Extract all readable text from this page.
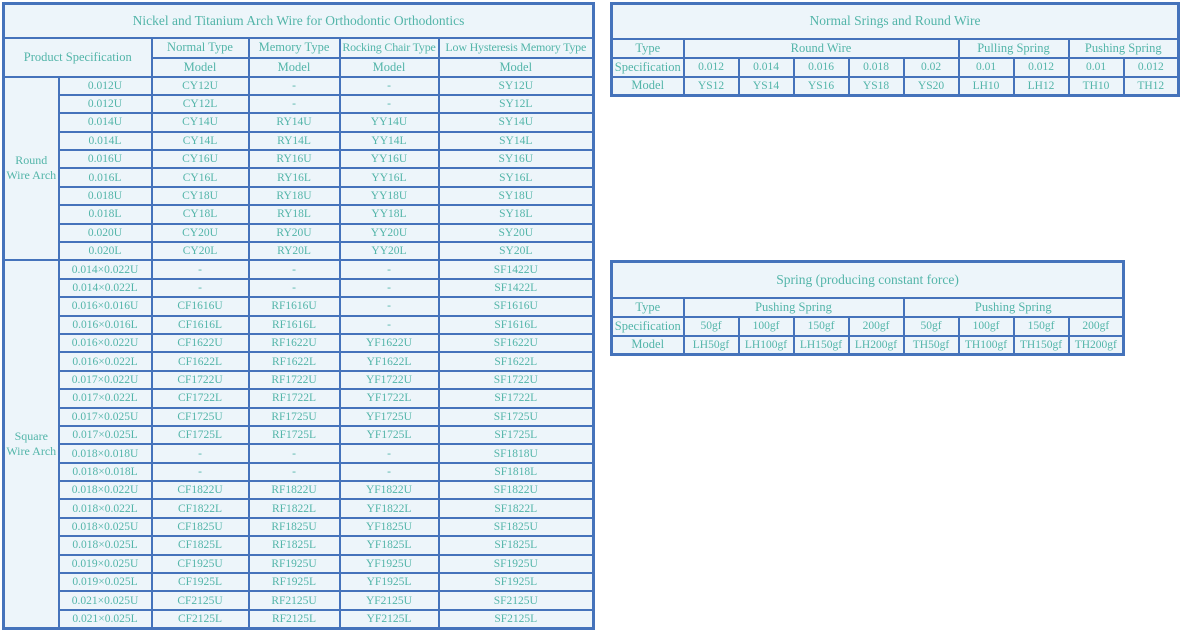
Nickel and Titanium Arch Wire for Orthodontic Orthodontics					
Product Specification		Normal Type	Memory Type	Rocking Chair Type	Low Hysteresis Memory Type
		Model	Model	Model	Model
Round Wire Arch	0.012U	CY12U	-	-	SY12U
	0.012U	CY12L	-	-	SY12L
	0.014U	CY14U	RY14U	YY14U	SY14U
	0.014L	CY14L	RY14L	YY14L	SY14L
	0.016U	CY16U	RY16U	YY16U	SY16U
	0.016L	CY16L	RY16L	YY16L	SY16L
	0.018U	CY18U	RY18U	YY18U	SY18U
	0.018L	CY18L	RY18L	YY18L	SY18L
	0.020U	CY20U	RY20U	YY20U	SY20U
	0.020L	CY20L	RY20L	YY20L	SY20L
Square Wire Arch	0.014×0.022U	-	-	-	SF1422U
	0.014×0.022L	-	-	-	SF1422L
	0.016×0.016U	CF1616U	RF1616U	-	SF1616U
	0.016×0.016L	CF1616L	RF1616L	-	SF1616L
	0.016×0.022U	CF1622U	RF1622U	YF1622U	SF1622U
	0.016×0.022L	CF1622L	RF1622L	YF1622L	SF1622L
	0.017×0.022U	CF1722U	RF1722U	YF1722U	SF1722U
	0.017×0.022L	CF1722L	RF1722L	YF1722L	SF1722L
	0.017×0.025U	CF1725U	RF1725U	YF1725U	SF1725U
	0.017×0.025L	CF1725L	RF1725L	YF1725L	SF1725L
	0.018×0.018U	-	-	-	SF1818U
	0.018×0.018L	-	-	-	SF1818L
	0.018×0.022U	CF1822U	RF1822U	YF1822U	SF1822U
	0.018×0.022L	CF1822L	RF1822L	YF1822L	SF1822L
	0.018×0.025U	CF1825U	RF1825U	YF1825U	SF1825U
	0.018×0.025L	CF1825L	RF1825L	YF1825L	SF1825L
	0.019×0.025U	CF1925U	RF1925U	YF1925U	SF1925U
	0.019×0.025L	CF1925L	RF1925L	YF1925L	SF1925L
	0.021×0.025U	CF2125U	RF2125U	YF2125U	SF2125U
	0.021×0.025L	CF2125L	RF2125L	YF2125L	SF2125L
Normal Srings and Round Wire									
Type	Round Wire					Pulling Spring		Pushing Spring	
Specification	0.012	0.014	0.016	0.018	0.02	0.01	0.012	0.01	0.012
Model	YS12	YS14	YS16	YS18	YS20	LH10	LH12	TH10	TH12
Spring (producing constant force)								
Type	Pushing Spring				Pushing Spring			
Specification	50gf	100gf	150gf	200gf	50gf	100gf	150gf	200gf
Model	LH50gf	LH100gf	LH150gf	LH200gf	TH50gf	TH100gf	TH150gf	TH200gf
